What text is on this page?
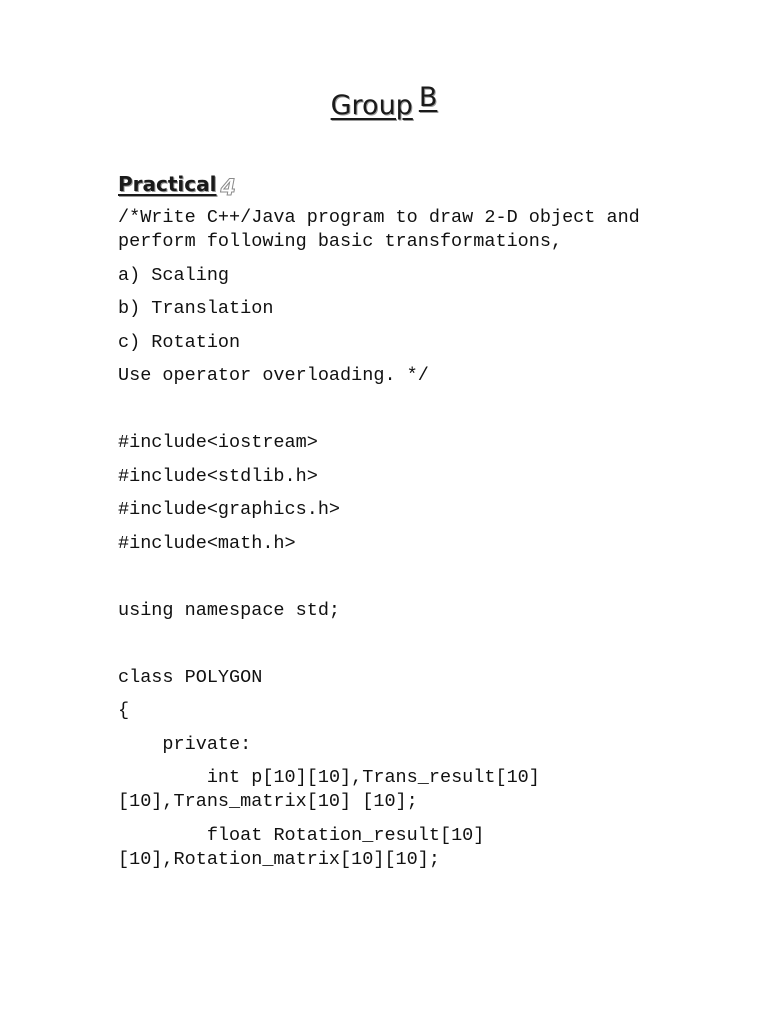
Group B
Practical 4
/*Write C++/Java program to draw 2-D object and perform following basic transformations,
a) Scaling
b) Translation
c) Rotation
Use operator overloading. */
#include<iostream>
#include<stdlib.h>
#include<graphics.h>
#include<math.h>
using namespace std;
class POLYGON
{
private:
int p[10][10],Trans_result[10][10],Trans_matrix[10] [10];
float Rotation_result[10][10],Rotation_matrix[10][10];
